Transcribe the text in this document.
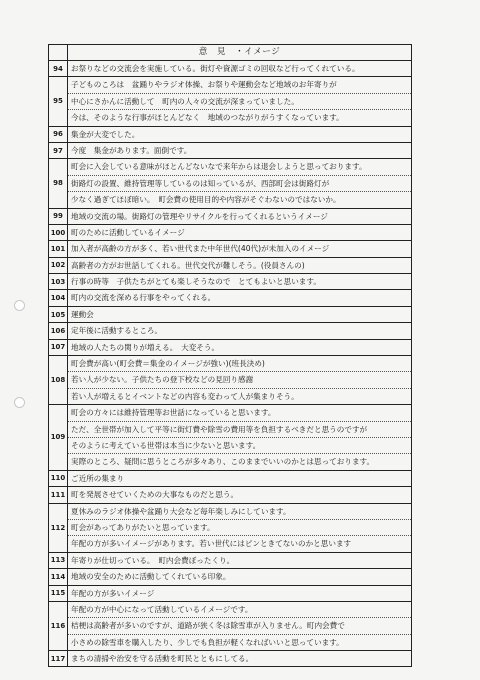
意　見　・イメージ
94	お祭りなどの交流会を実施している。街灯や資源ゴミの回収など行ってくれている。
95
子どものころは　盆踊りやラジオ体操、お祭りや運動会など地域のお年寄りが
中心にさかんに活動して　町内の人々の交流が深まっていました。
今は、そのような行事がほとんどなく　地域のつながりがうすくなっています。
96	集金が大変でした。
97	今度　集金があります。面倒です。
98
町会に入会している意味がほとんどないなで来年からは退会しようと思っております。
街路灯の設置、維持管理等しているのは知っているが、西部町会は街路灯が
少なく過ぎてほぼ暗い。　町会費の使用目的や内容がそぐわないのではないか。
99	地域の交流の場。街路灯の管理やリサイクルを行ってくれるというイメージ
100 町のために活動しているイメージ
101 加入者が高齢の方が多く、若い世代また中年世代(40代)が未加入のイメージ
102 高齢者の方がお世話してくれる。世代交代が難しそう。(役員さんの)
103 行事の時等　子供たちがとても楽しそうなので　とてもよいと思います。
104 町内の交流を深める行事をやってくれる。
105 運動会
106 定年後に活動するところ。
107 地域の人たちの関りが増える。　大変そう。
108
町会費が高い(町会費＝集金のイメージが強い)(班長決め)
若い人が少ない。子供たちの登下校などの見回り感謝
若い人が増えるとイベントなどの内容も変わって人が集まりそう。
109
町会の方々には維持管理等お世話になっていると思います。
ただ、全世帯が加入して平等に街灯費や除雪の費用等を負担するべきだと思うのですが
そのように考えている世帯は本当に少ないと思います。
実際のところ、疑問に思うところが多々あり、このままでいいのかとは思っております。
110 ご近所の集まり
111 町を発展させていくための大事なものだと思う。
112
夏休みのラジオ体操や盆踊り大会など毎年楽しみにしています。
町会があってありがたいと思っています。
年配の方が多いイメージがあります。若い世代にはピンときてないのかと思います
113 年寄りが仕切っている。　町内会費ぼったくり。
114 地域の安全のために活動してくれている印象。
115 年配の方が多いイメージ
116
年配の方が中心になって活動しているイメージです。
桔梗は高齢者が多いのですが、道路が狭く冬は除雪車が入りません。町内会費で
小さめの除雪車を購入したり、少しでも負担が軽くなればいいと思っています。
117 まちの清掃や治安を守る活動を町民とともにしてる。
